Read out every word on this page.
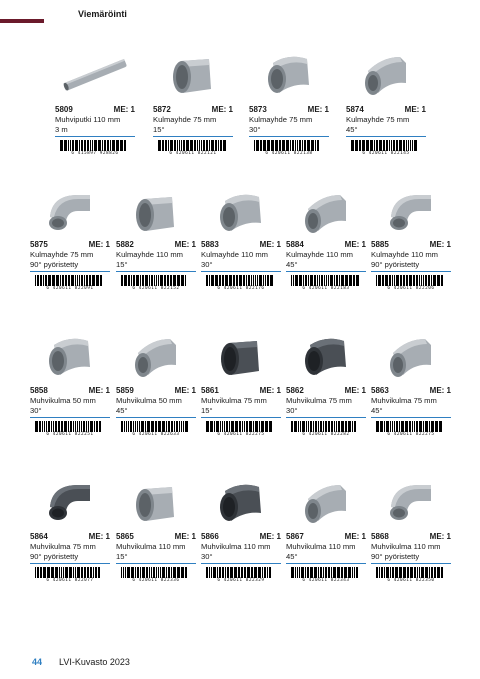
Viemäröinti
5809	ME: 1
Muhviputki 110 mm
3 m
6 415897 928826
5872	ME: 1
Kulmayhde 75 mm
15°
6 420611 822121
5873	ME: 1
Kulmayhde 75 mm
30°
6 420611 822138
5874	ME: 1
Kulmayhde 75 mm
45°
6 420611 822145
5875	ME: 1
Kulmayhde 75 mm
90° pyöristetty
6 420611 822091
5882	ME: 1
Kulmayhde 110 mm
15°
6 420611 822152
5883	ME: 1
Kulmayhde 110 mm
30°
6 420611 822176
5884	ME: 1
Kulmayhde 110 mm
45°
6 420611 822183
5885	ME: 1
Kulmayhde 110 mm
90° pyöristetty
6 420611 822206
5858	ME: 1
Muhvikulma 50 mm
30°
6 420611 822251
5859	ME: 1
Muhvikulma 50 mm
45°
6 420611 822633
5861	ME: 1
Muhvikulma 75 mm
15°
6 420611 822275
5862	ME: 1
Muhvikulma 75 mm
30°
6 420611 822282
5863	ME: 1
Muhvikulma 75 mm
45°
6 420611 822275
5864	ME: 1
Muhvikulma 75 mm
90° pyöristetty
6 420611 822077
5865	ME: 1
Muhvikulma 110 mm
15°
6 420611 822336
5866	ME: 1
Muhvikulma 110 mm
30°
6 420611 822329
5867	ME: 1
Muhvikulma 110 mm
45°
6 420611 822343
5868	ME: 1
Muhvikulma 110 mm
90° pyöristetty
6 420611 822350
44 LVI-Kuvasto 2023
